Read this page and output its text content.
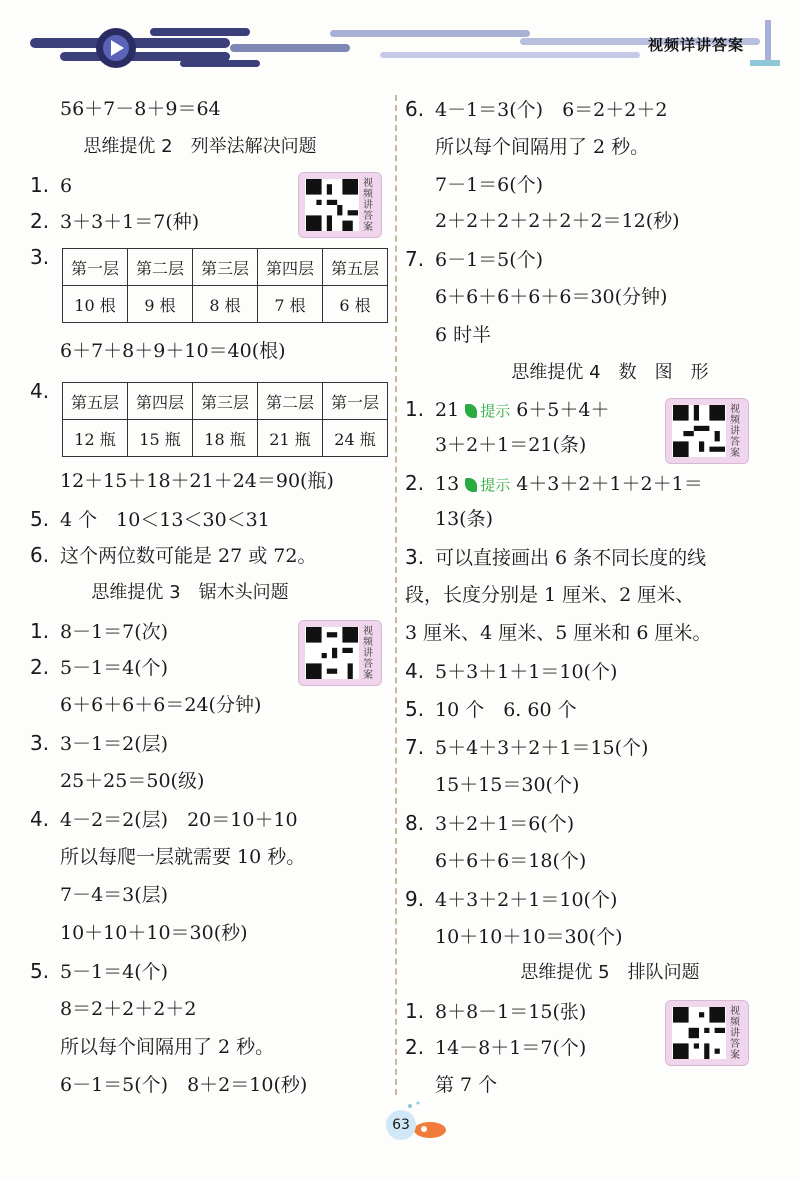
视频详讲答案
56＋7－8＋9＝64
思维提优 2　列举法解决问题
1. 6
2. 3＋3＋1＝7(种)
3.	第一层	第二层	第三层	第四层	第五层
10 根	9 根	8 根	7 根	6 根
6＋7＋8＋9＋10＝40(根)
4.	第五层	第四层	第三层	第二层	第一层
12 瓶	15 瓶	18 瓶	21 瓶	24 瓶
12＋15＋18＋21＋24＝90(瓶)
5. 4 个　10＜13＜30＜31
6. 这个两位数可能是 27 或 72。
思维提优 3　锯木头问题
1. 8－1＝7(次)
2. 5－1＝4(个)
6＋6＋6＋6＝24(分钟)
3. 3－1＝2(层)
25＋25＝50(级)
4. 4－2＝2(层)　20＝10＋10
所以每爬一层就需要 10 秒。
7－4＝3(层)
10＋10＋10＝30(秒)
5. 5－1＝4(个)
8＝2＋2＋2＋2
所以每个间隔用了 2 秒。
6－1＝5(个)　8＋2＝10(秒)
视频讲答案
视频讲答案
6. 4－1＝3(个)　6＝2＋2＋2
所以每个间隔用了 2 秒。
7－1＝6(个)
2＋2＋2＋2＋2＋2＝12(秒)
7. 6－1＝5(个)
6＋6＋6＋6＋6＝30(分钟)
6 时半
思维提优 4　数　图　形
1. 21 提示 6＋5＋4＋
3＋2＋1＝21(条)
2. 13 提示 4＋3＋2＋1＋2＋1＝
13(条)
3. 可以直接画出 6 条不同长度的线
段，长度分别是 1 厘米、2 厘米、
3 厘米、4 厘米、5 厘米和 6 厘米。
4. 5＋3＋1＋1＝10(个)
5. 10 个　6. 60 个
7. 5＋4＋3＋2＋1＝15(个)
15＋15＝30(个)
8. 3＋2＋1＝6(个)
6＋6＋6＝18(个)
9. 4＋3＋2＋1＝10(个)
10＋10＋10＝30(个)
思维提优 5　排队问题
1. 8＋8－1＝15(张)
2. 14－8＋1＝7(个)
第 7 个
视频讲答案
视频讲答案
63
